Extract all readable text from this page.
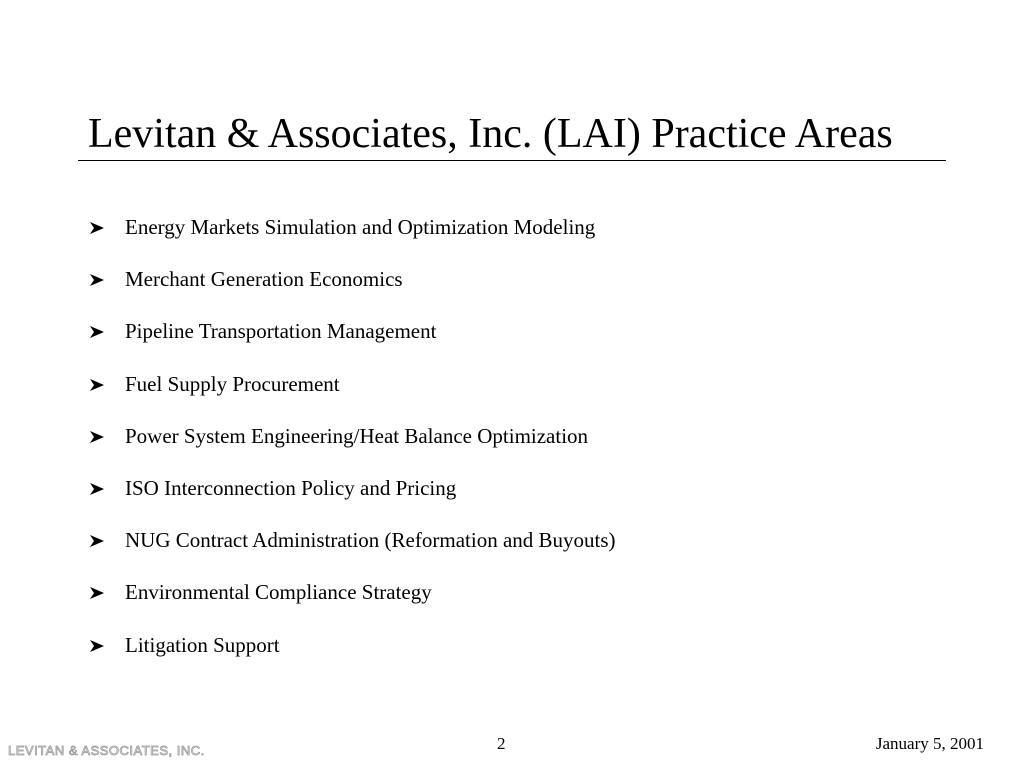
Levitan & Associates, Inc. (LAI) Practice Areas
Energy Markets Simulation and Optimization Modeling
Merchant Generation Economics
Pipeline Transportation Management
Fuel Supply Procurement
Power System Engineering/Heat Balance Optimization
ISO Interconnection Policy and Pricing
NUG Contract Administration (Reformation and Buyouts)
Environmental Compliance Strategy
Litigation Support
LEVITAN & ASSOCIATES, INC.	2	January 5, 2001
